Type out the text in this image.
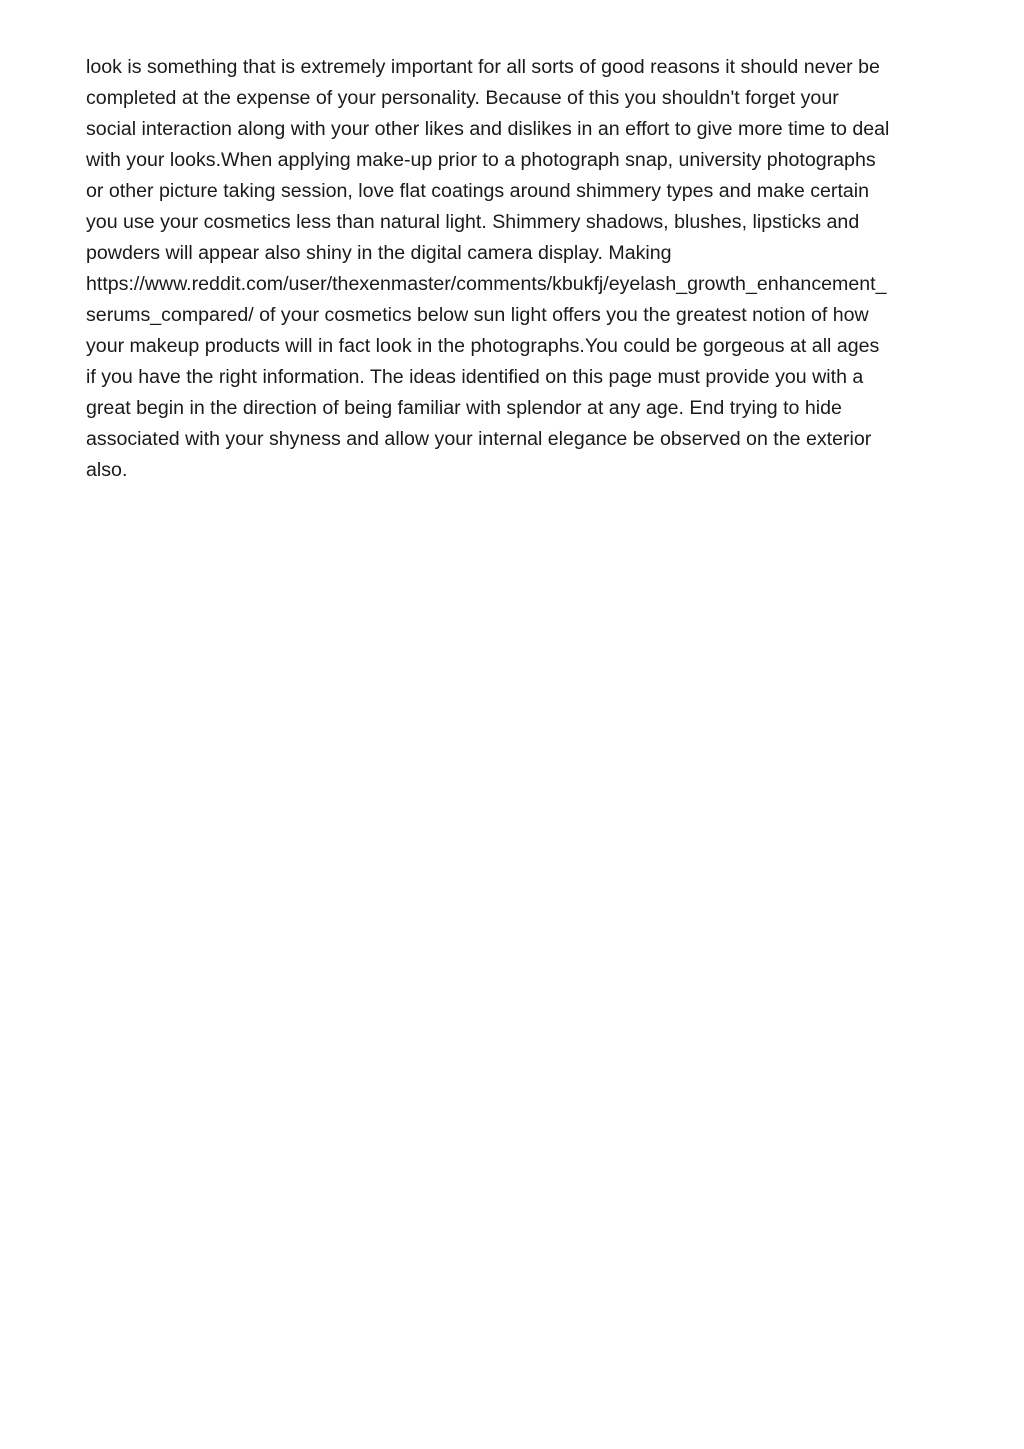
look is something that is extremely important for all sorts of good reasons it should never be
completed at the expense of your personality. Because of this you shouldn't forget your
social interaction along with your other likes and dislikes in an effort to give more time to deal
with your looks.When applying make-up prior to a photograph snap, university photographs
or other picture taking session, love flat coatings around shimmery types and make certain
you use your cosmetics less than natural light. Shimmery shadows, blushes, lipsticks and
powders will appear also shiny in the digital camera display. Making
https://www.reddit.com/user/thexenmaster/comments/kbukfj/eyelash_growth_enhancement_
serums_compared/ of your cosmetics below sun light offers you the greatest notion of how
your makeup products will in fact look in the photographs.You could be gorgeous at all ages
if you have the right information. The ideas identified on this page must provide you with a
great begin in the direction of being familiar with splendor at any age. End trying to hide
associated with your shyness and allow your internal elegance be observed on the exterior
also.
